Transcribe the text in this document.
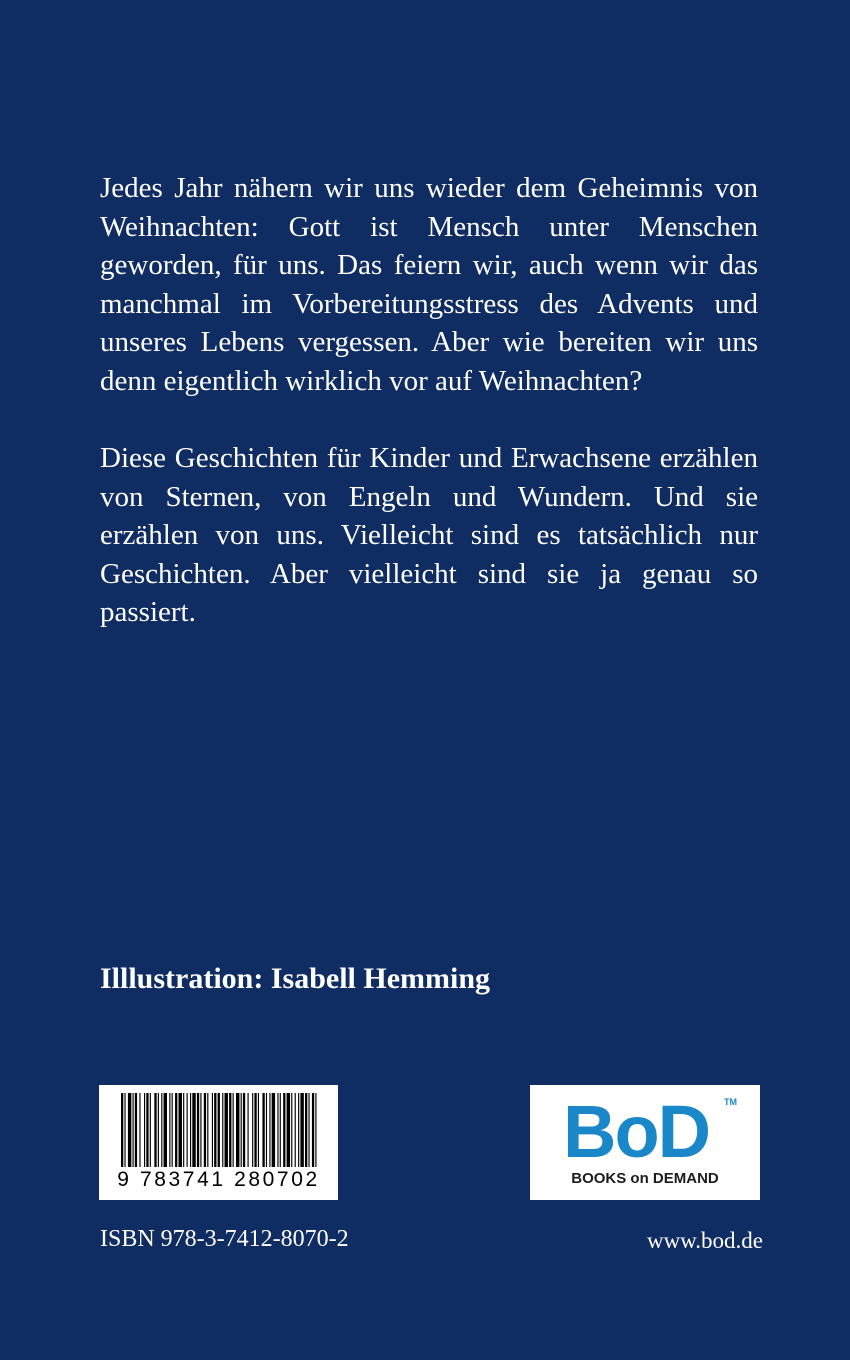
Jedes Jahr nähern wir uns wieder dem Geheimnis von Weihnachten: Gott ist Mensch unter Menschen geworden, für uns. Das feiern wir, auch wenn wir das manchmal im Vorbereitungsstress des Advents und unseres Lebens vergessen. Aber wie bereiten wir uns denn eigentlich wirklich vor auf Weihnachten?

Diese Geschichten für Kinder und Erwachsene erzählen von Sternen, von Engeln und Wundern. Und sie erzählen von uns. Vielleicht sind es tatsächlich nur Geschichten. Aber vielleicht sind sie ja genau so passiert.

Illlustration: Isabell Hemming

9 783741 280702
BoD TM
BOOKS on DEMAND

ISBN 978-3-7412-8070-2	www.bod.de
